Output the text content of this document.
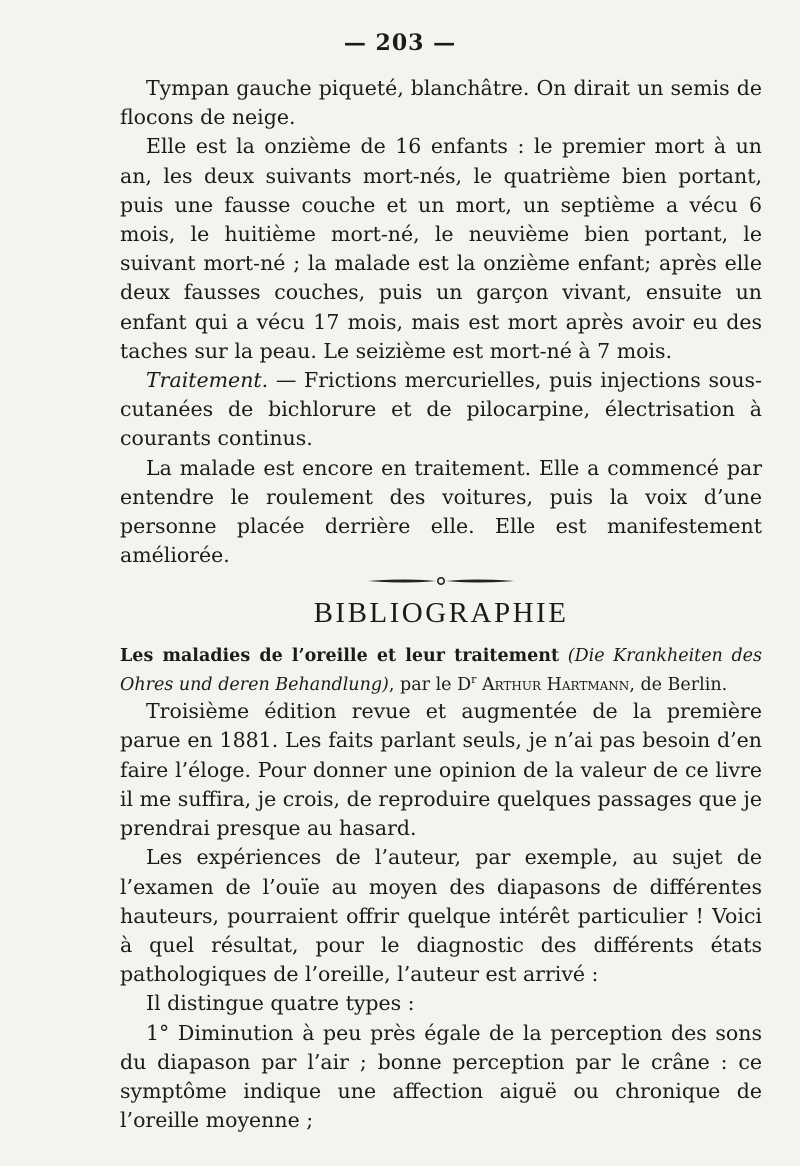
— 203 —

Tympan gauche piqueté, blanchâtre. On dirait un semis de flocons de neige.

Elle est la onzième de 16 enfants : le premier mort à un an, les deux suivants mort-nés, le quatrième bien portant, puis une fausse couche et un mort, un septième a vécu 6 mois, le huitième mort-né, le neuvième bien portant, le suivant mort-né ; la malade est la onzième enfant; après elle deux fausses couches, puis un garçon vivant, ensuite un enfant qui a vécu 17 mois, mais est mort après avoir eu des taches sur la peau. Le seizième est mort-né à 7 mois.

Traitement. — Frictions mercurielles, puis injections sous-cutanées de bichlorure et de pilocarpine, électrisation à courants continus.

La malade est encore en traitement. Elle a commencé par entendre le roulement des voitures, puis la voix d’une personne placée derrière elle. Elle est manifestement améliorée.

BIBLIOGRAPHIE

Les maladies de l’oreille et leur traitement (Die Krankheiten des Ohres und deren Behandlung), par le $D^r$ Arthur Hartmann, de Berlin.

Troisième édition revue et augmentée de la première parue en 1881. Les faits parlant seuls, je n’ai pas besoin d’en faire l’éloge. Pour donner une opinion de la valeur de ce livre il me suffira, je crois, de reproduire quelques passages que je prendrai presque au hasard.

Les expériences de l’auteur, par exemple, au sujet de l’examen de l’ouïe au moyen des diapasons de différentes hauteurs, pourraient offrir quelque intérêt particulier ! Voici à quel résultat, pour le diagnostic des différents états pathologiques de l’oreille, l’auteur est arrivé :

Il distingue quatre types :

1° Diminution à peu près égale de la perception des sons du diapason par l’air ; bonne perception par le crâne : ce symptôme indique une affection aiguë ou chronique de l’oreille moyenne ;
